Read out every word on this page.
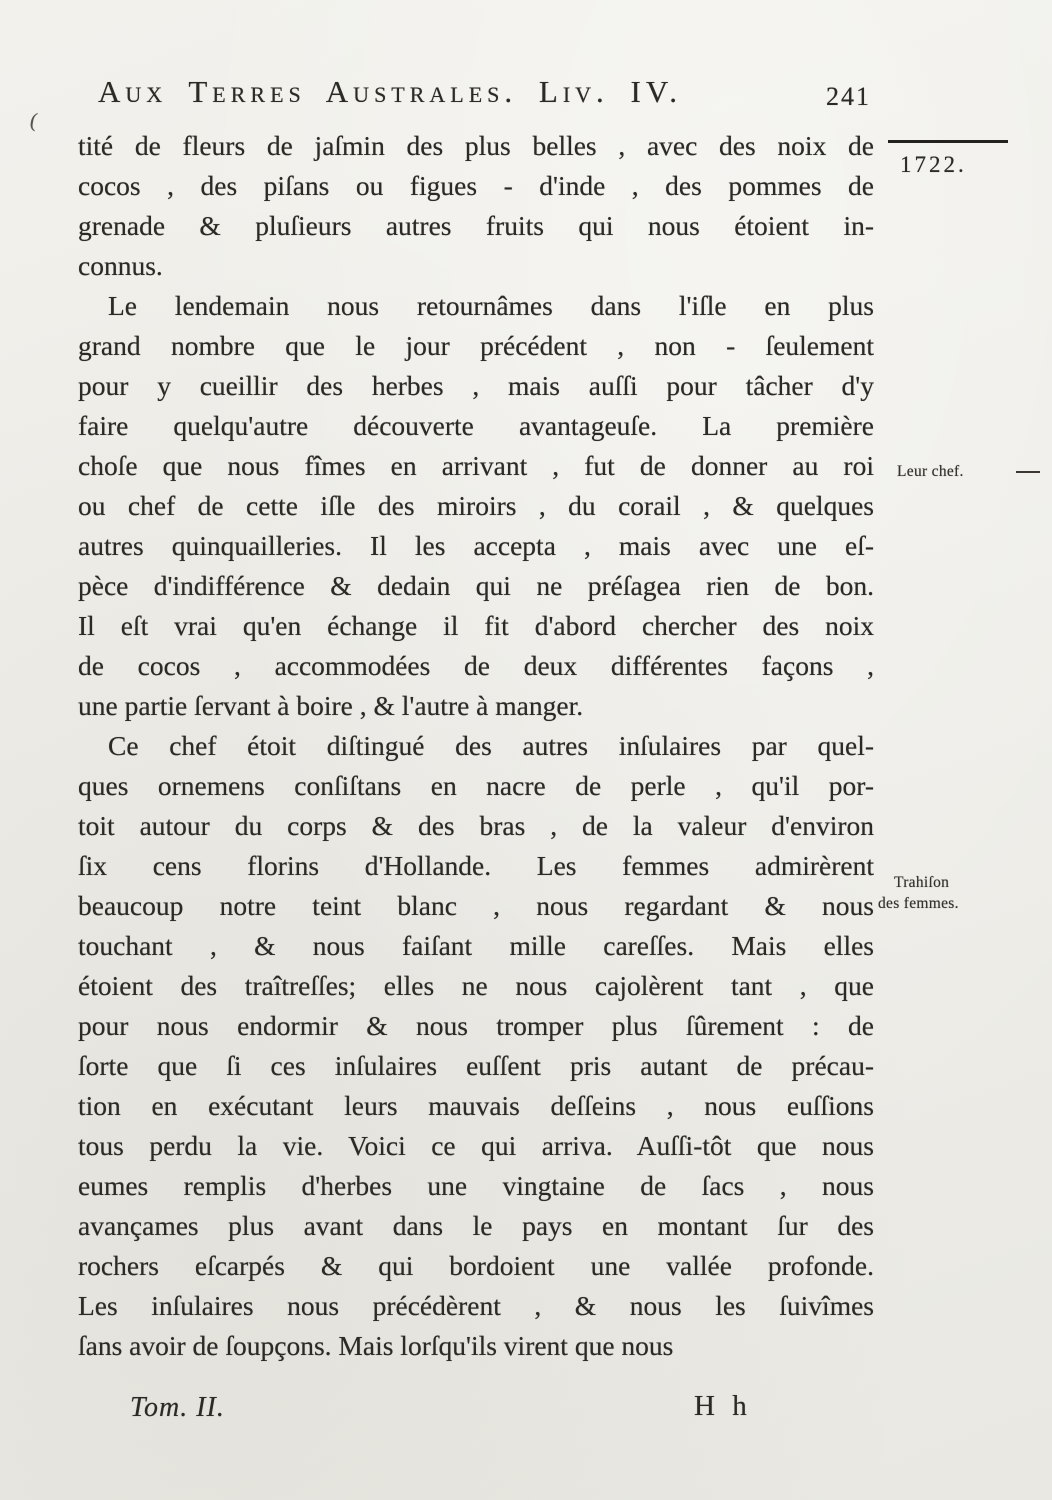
Aux Terres Australes. Liv. IV.	241
(
1722.
Leur chef.
Trahiſon
des femmes.
tité de fleurs de jaſmin des plus belles , avec des noix de
cocos , des piſans ou figues - d'inde , des pommes de
grenade & pluſieurs autres fruits qui nous étoient in-
connus.
Le lendemain nous retournâmes dans l'iſle en plus
grand nombre que le jour précédent , non - ſeulement
pour y cueillir des herbes , mais auſſi pour tâcher d'y
faire quelqu'autre découverte avantageuſe. La première
choſe que nous fîmes en arrivant , fut de donner au roi
ou chef de cette iſle des miroirs , du corail , & quelques
autres quinquailleries. Il les accepta , mais avec une eſ-
pèce d'indifférence & dedain qui ne préſagea rien de bon.
Il eſt vrai qu'en échange il fit d'abord chercher des noix
de cocos , accommodées de deux différentes façons ,
une partie ſervant à boire , & l'autre à manger.
Ce chef étoit diſtingué des autres inſulaires par quel-
ques ornemens conſiſtans en nacre de perle , qu'il por-
toit autour du corps & des bras , de la valeur d'environ
ſix cens florins d'Hollande. Les femmes admirèrent
beaucoup notre teint blanc , nous regardant & nous
touchant , & nous faiſant mille careſſes. Mais elles
étoient des traîtreſſes; elles ne nous cajolèrent tant , que
pour nous endormir & nous tromper plus ſûrement : de
ſorte que ſi ces inſulaires euſſent pris autant de précau-
tion en exécutant leurs mauvais deſſeins , nous euſſions
tous perdu la vie. Voici ce qui arriva. Auſſi-tôt que nous
eumes remplis d'herbes une vingtaine de ſacs , nous
avançames plus avant dans le pays en montant ſur des
rochers eſcarpés & qui bordoient une vallée profonde.
Les inſulaires nous précédèrent , & nous les ſuivîmes
ſans avoir de ſoupçons. Mais lorſqu'ils virent que nous
Tom. II.	H h
